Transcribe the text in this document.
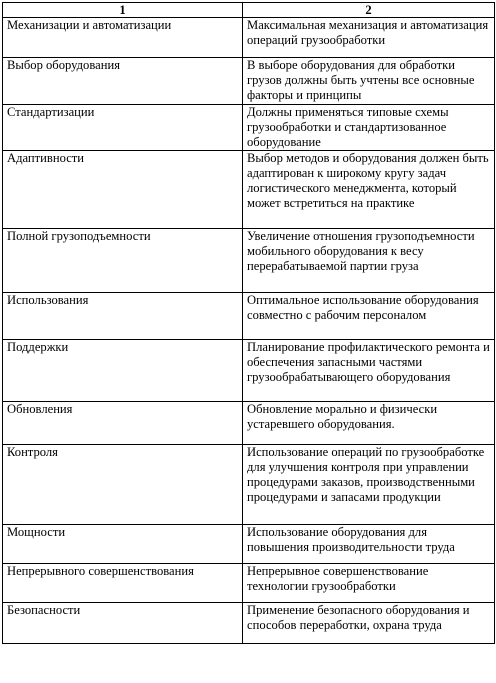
1	2
Механизации и автоматизации	Максимальная механизация и автоматизация операций грузообработки
Выбор оборудования	В выборе оборудования для обработки грузов должны быть учтены все основные факторы и принципы
Стандартизации	Должны применяться типовые схемы грузообработки и стандартизованное оборудование
Адаптивности	Выбор методов и оборудования должен быть адаптирован к широкому кругу задач логистического менеджмента, который может встретиться на практике
Полной грузоподъемности	Увеличение отношения грузоподъемности мобильного оборудования к весу перерабатываемой партии груза
Использования	Оптимальное использование оборудования совместно с рабочим персоналом
Поддержки	Планирование профилактического ремонта и обеспечения запасными частями грузообрабатывающего оборудования
Обновления	Обновление морально и физически устаревшего оборудования.
Контроля	Использование операций по грузообработке для улучшения контроля при управлении процедурами заказов, производственными процедурами и запасами продукции
Мощности	Использование оборудования для повышения производительности труда
Непрерывного совершенствования	Непрерывное совершенствование технологии грузообработки
Безопасности	Применение безопасного оборудования и способов переработки, охрана труда
